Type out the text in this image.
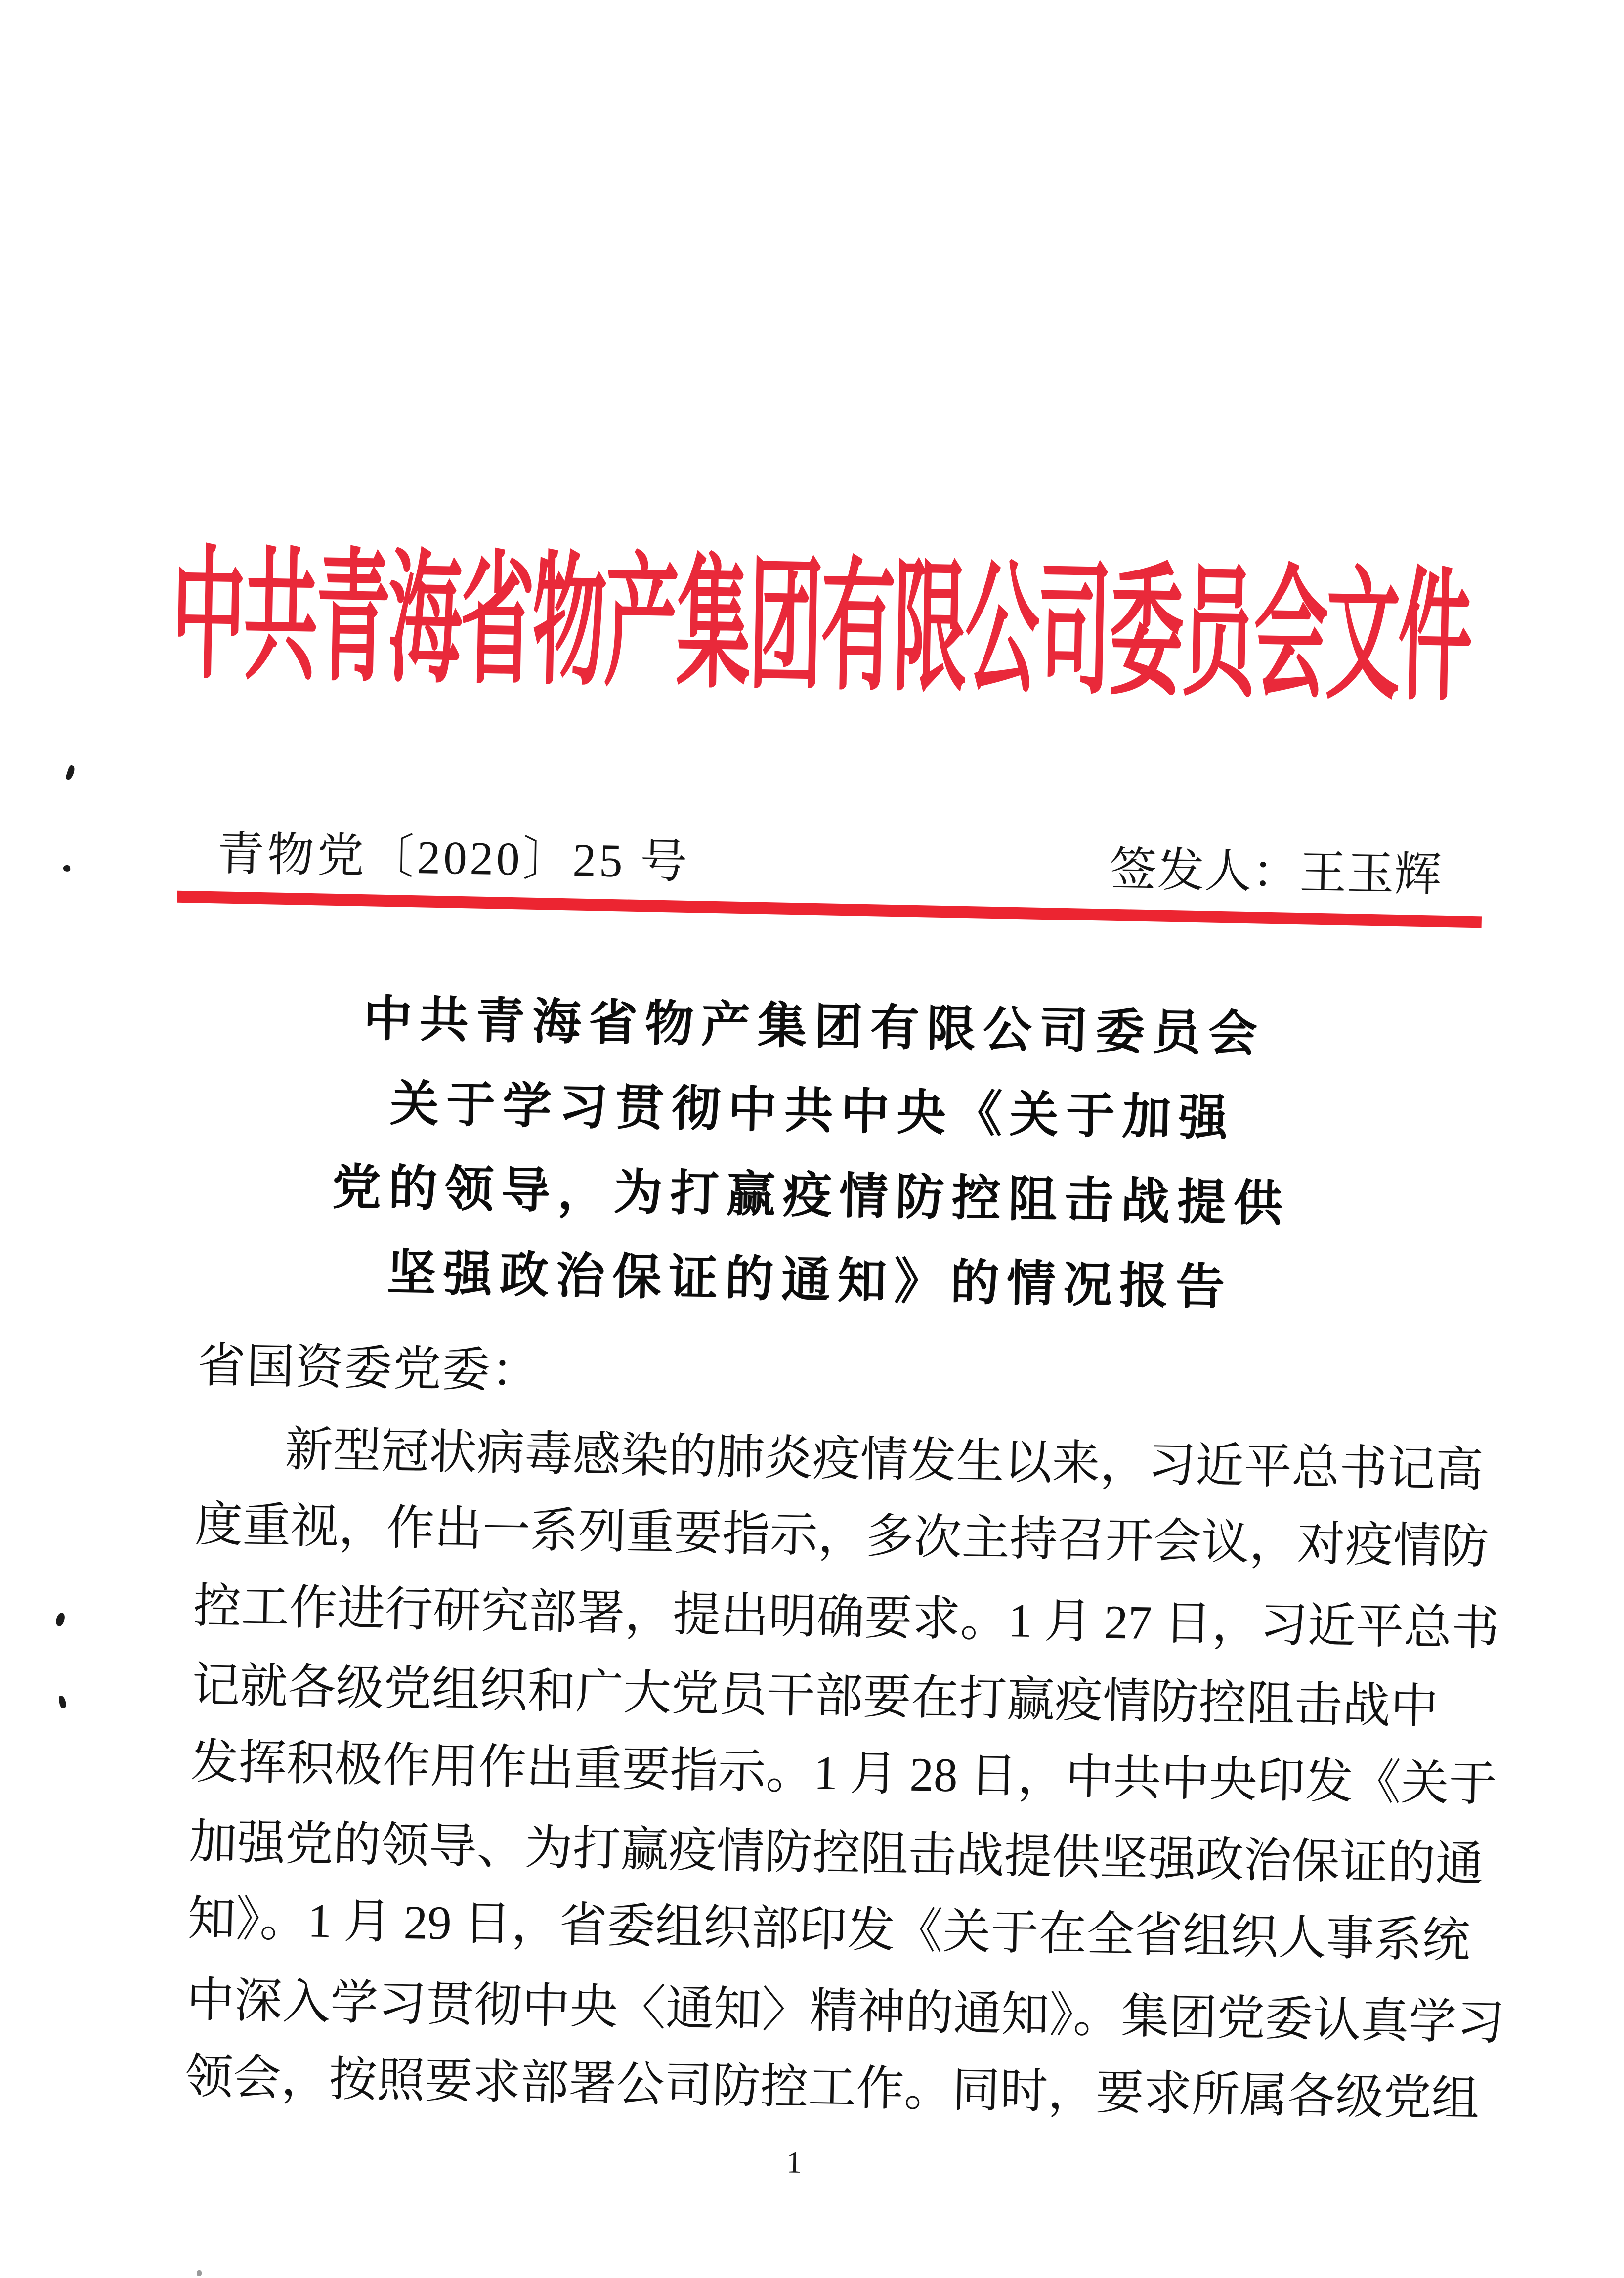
中共青海省物产集团有限公司委员会文件
青物党〔2020〕25 号	签发人：王玉辉
中共青海省物产集团有限公司委员会
关于学习贯彻中共中央《关于加强
党的领导，为打赢疫情防控阻击战提供
坚强政治保证的通知》的情况报告
省国资委党委：
新型冠状病毒感染的肺炎疫情发生以来，习近平总书记高
度重视，作出一系列重要指示，多次主持召开会议，对疫情防
控工作进行研究部署，提出明确要求。1 月 27 日，习近平总书
记就各级党组织和广大党员干部要在打赢疫情防控阻击战中
发挥积极作用作出重要指示。1 月 28 日，中共中央印发《关于
加强党的领导、为打赢疫情防控阻击战提供坚强政治保证的通
知》。1 月 29 日，省委组织部印发《关于在全省组织人事系统
中深入学习贯彻中央〈通知〉精神的通知》。集团党委认真学习
领会，按照要求部署公司防控工作。同时，要求所属各级党组
1
